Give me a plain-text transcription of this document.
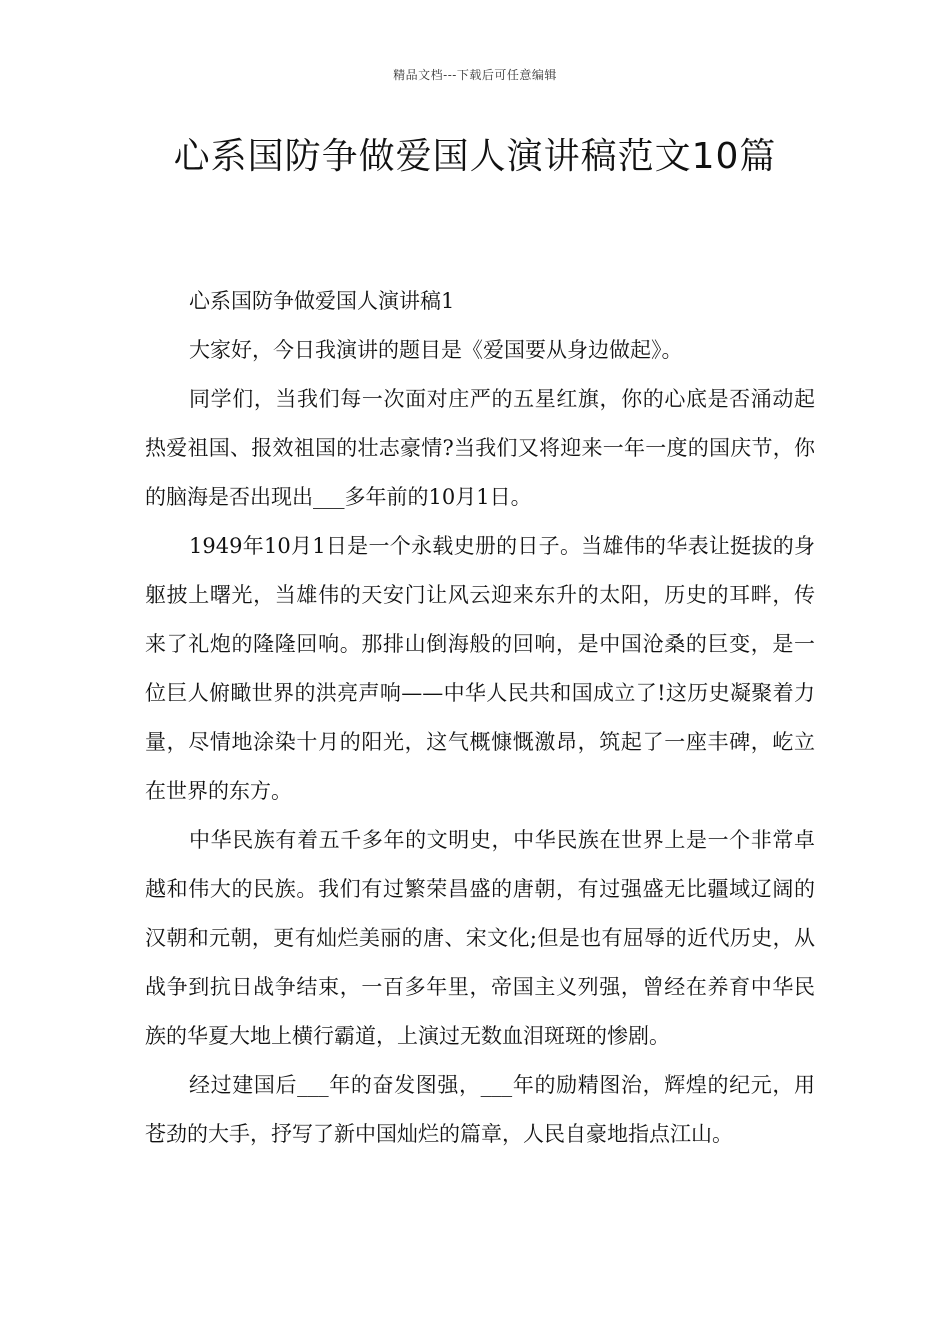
精品文档---下载后可任意编辑
心系国防争做爱国人演讲稿范文10篇

心系国防争做爱国人演讲稿1

大家好，今日我演讲的题目是《爱国要从身边做起》。

同学们，当我们每一次面对庄严的五星红旗，你的心底是否涌动起热爱祖国、报效祖国的壮志豪情?当我们又将迎来一年一度的国庆节，你的脑海是否出现出___多年前的10月1日。

1949年10月1日是一个永载史册的日子。当雄伟的华表让挺拔的身躯披上曙光，当雄伟的天安门让风云迎来东升的太阳，历史的耳畔，传来了礼炮的隆隆回响。那排山倒海般的回响，是中国沧桑的巨变，是一位巨人俯瞰世界的洪亮声响——中华人民共和国成立了!这历史凝聚着力量，尽情地涂染十月的阳光，这气概慷慨激昂，筑起了一座丰碑，屹立在世界的东方。

中华民族有着五千多年的文明史，中华民族在世界上是一个非常卓越和伟大的民族。我们有过繁荣昌盛的唐朝，有过强盛无比疆域辽阔的汉朝和元朝，更有灿烂美丽的唐、宋文化;但是也有屈辱的近代历史，从战争到抗日战争结束，一百多年里，帝国主义列强，曾经在养育中华民族的华夏大地上横行霸道，上演过无数血泪斑斑的惨剧。

经过建国后___年的奋发图强，___年的励精图治，辉煌的纪元，用苍劲的大手，抒写了新中国灿烂的篇章，人民自豪地指点江山。
